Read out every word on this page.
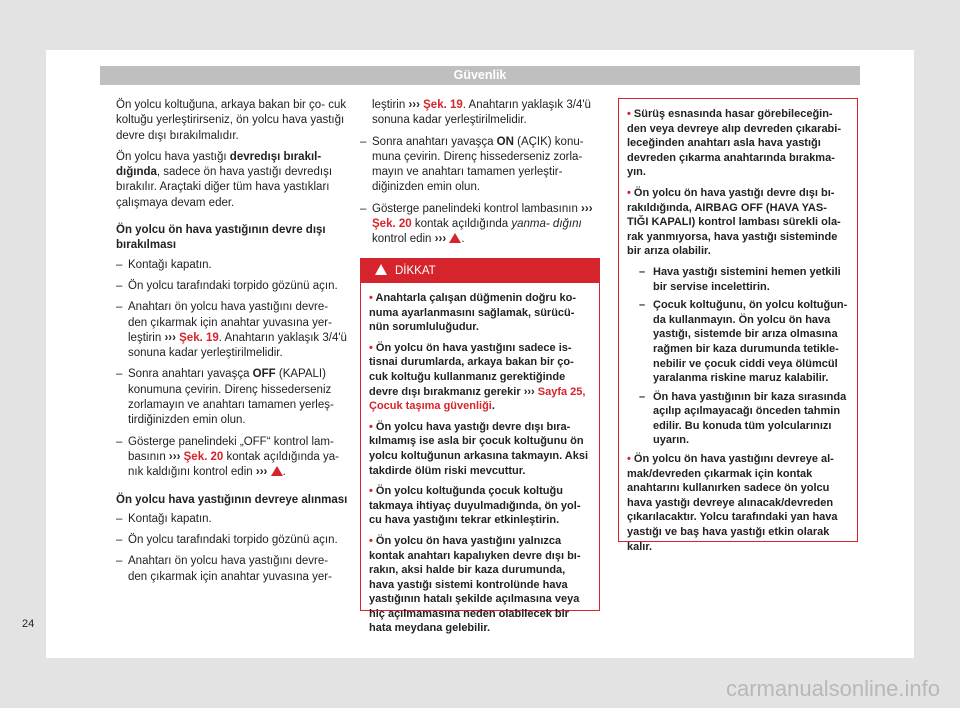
Güvenlik

Ön yolcu koltuğuna, arkaya bakan bir ço- cuk koltuğu yerleştirirseniz, ön yolcu hava yastığı devre dışı bırakılmalıdır.

Ön yolcu hava yastığı devredışı bırakıl- dığında, sadece ön hava yastığı devredışı bırakılır. Araçtaki diğer tüm hava yastıkları çalışmaya devam eder.

Ön yolcu ön hava yastığının devre dışı bırakılması
– Kontağı kapatın.
– Ön yolcu tarafındaki torpido gözünü açın.
– Anahtarı ön yolcu hava yastığını devre- den çıkarmak için anahtar yuvasına yer- leştirin ››› Şek. 19. Anahtarın yaklaşık 3/4'ü sonuna kadar yerleştirilmelidir.
– Sonra anahtarı yavaşça OFF (KAPALI) konumuna çevirin. Direnç hissederseniz zorlamayın ve anahtarı tamamen yerleş- tirdiğinizden emin olun.
– Gösterge panelindeki „OFF“ kontrol lam- basının ››› Şek. 20 kontak açıldığında ya- nık kaldığını kontrol edin ››› .
Ön yolcu hava yastığının devreye alınması
– Kontağı kapatın.
– Ön yolcu tarafındaki torpido gözünü açın.
– Anahtarı ön yolcu hava yastığını devre- den çıkarmak için anahtar yuvasına yer-

leştirin ››› Şek. 19. Anahtarın yaklaşık 3/4'ü sonuna kadar yerleştirilmelidir.

– Sonra anahtarı yavaşça ON (AÇIK) konu- muna çevirin. Direnç hissederseniz zorla- mayın ve anahtarı tamamen yerleştir- diğinizden emin olun.
– Gösterge panelindeki kontrol lambasının ››› Şek. 20 kontak açıldığında yanma- dığını kontrol edin ››› .
DİKKAT

• Anahtarla çalışan düğmenin doğru ko- numa ayarlanmasını sağlamak, sürücü- nün sorumluluğudur.

• Ön yolcu ön hava yastığını sadece is- tisnai durumlarda, arkaya bakan bir ço- cuk koltuğu kullanmanız gerektiğinde devre dışı bırakmanız gerekir ››› Sayfa 25, Çocuk taşıma güvenliği.

• Ön yolcu hava yastığı devre dışı bıra- kılmamış ise asla bir çocuk koltuğunu ön yolcu koltuğunun arkasına takmayın. Aksi takdirde ölüm riski mevcuttur.

• Ön yolcu koltuğunda çocuk koltuğu takmaya ihtiyaç duyulmadığında, ön yol- cu hava yastığını tekrar etkinleştirin.

• Ön yolcu ön hava yastığını yalnızca kontak anahtarı kapalıyken devre dışı bı- rakın, aksi halde bir kaza durumunda, hava yastığı sistemi kontrolünde hava yastığının hatalı şekilde açılmasına veya hiç açılmamasına neden olabilecek bir hata meydana gelebilir.

• Sürüş esnasında hasar görebileceğin- den veya devreye alıp devreden çıkarabi- leceğinden anahtarı asla hava yastığı devreden çıkarma anahtarında bırakma- yın.

• Ön yolcu ön hava yastığı devre dışı bı- rakıldığında, AIRBAG OFF (HAVA YAS- TIĞI KAPALI) kontrol lambası sürekli ola- rak yanmıyorsa, hava yastığı sisteminde bir arıza olabilir.

– Hava yastığı sistemini hemen yetkili bir servise incelettirin.
– Çocuk koltuğunu, ön yolcu koltuğun- da kullanmayın. Ön yolcu ön hava yastığı, sistemde bir arıza olmasına rağmen bir kaza durumunda tetikle- nebilir ve çocuk ciddi veya ölümcül yaralanma riskine maruz kalabilir.
– Ön hava yastığının bir kaza sırasında açılıp açılmayacağı önceden tahmin edilir. Bu konuda tüm yolcularınızı uyarın.

• Ön yolcu ön hava yastığını devreye al- mak/devreden çıkarmak için kontak anahtarını kullanırken sadece ön yolcu hava yastığı devreye alınacak/devreden çıkarılacaktır. Yolcu tarafındaki yan hava yastığı ve baş hava yastığı etkin olarak kalır.

24
carmanualsonline.info
